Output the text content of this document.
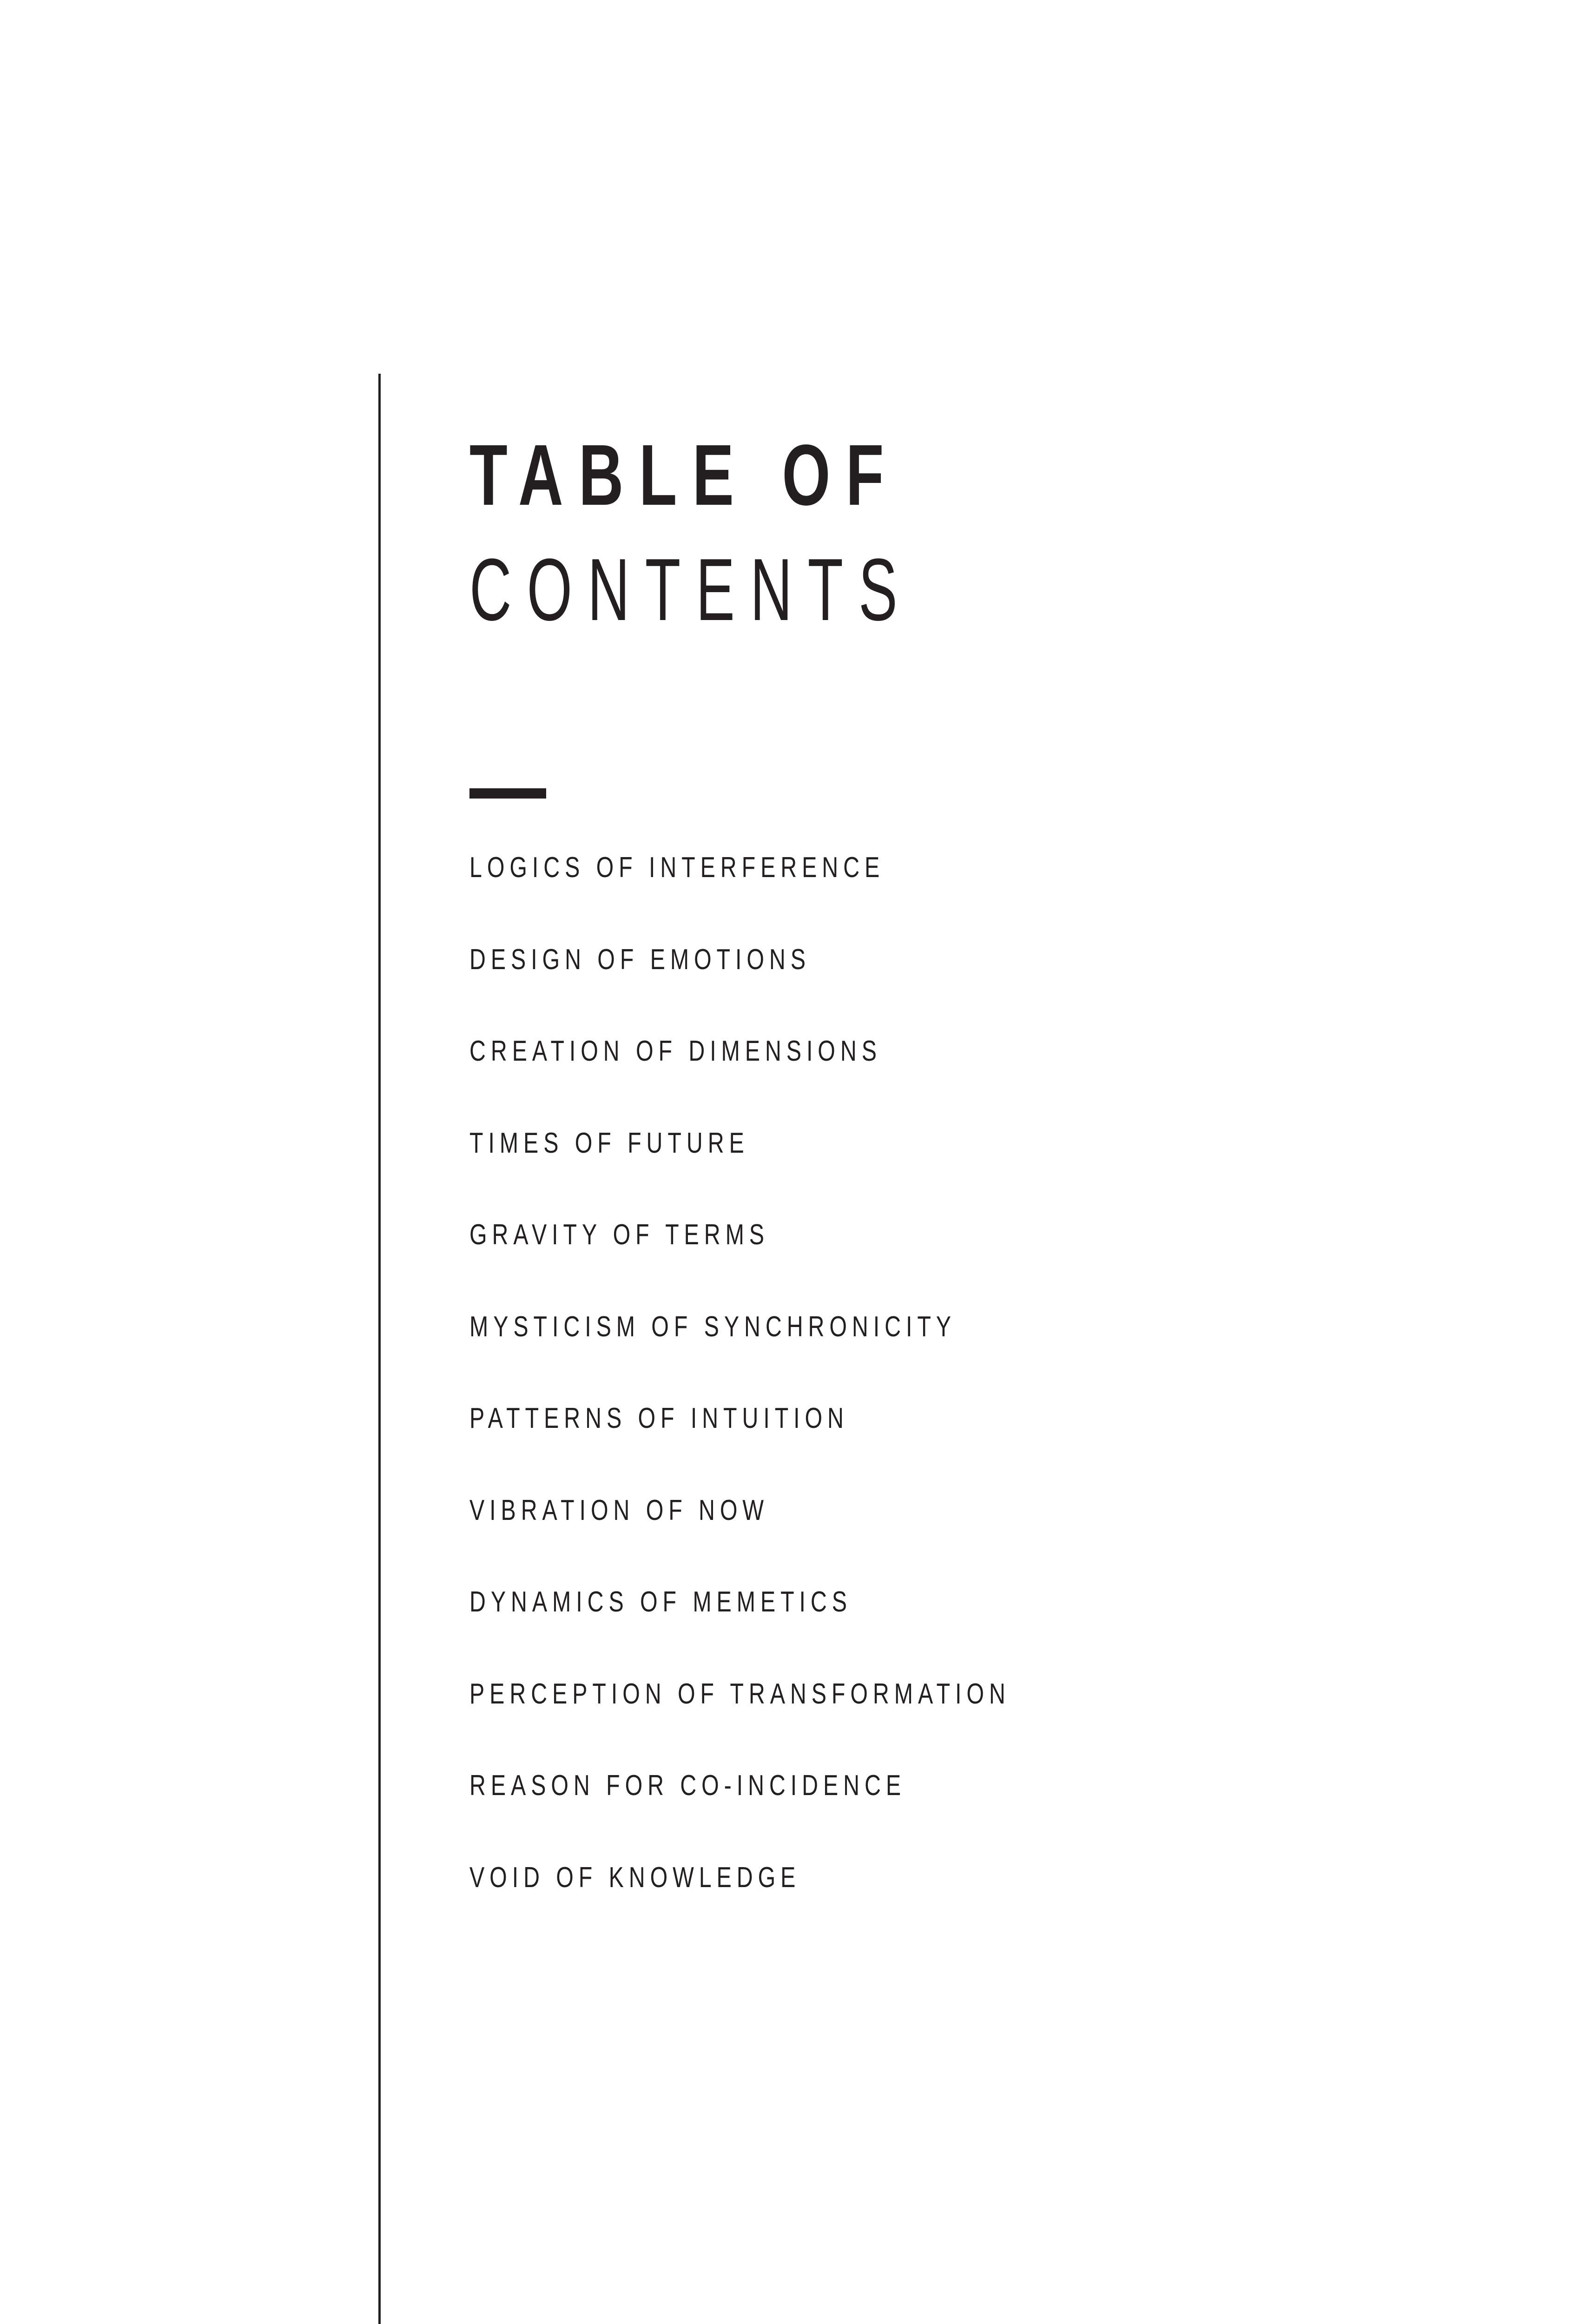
TABLE OF
CONTENTS
LOGICS OF INTERFERENCE
DESIGN OF EMOTIONS
CREATION OF DIMENSIONS
TIMES OF FUTURE
GRAVITY OF TERMS
MYSTICISM OF SYNCHRONICITY
PATTERNS OF INTUITION
VIBRATION OF NOW
DYNAMICS OF MEMETICS
PERCEPTION OF TRANSFORMATION
REASON FOR CO-INCIDENCE
VOID OF KNOWLEDGE
